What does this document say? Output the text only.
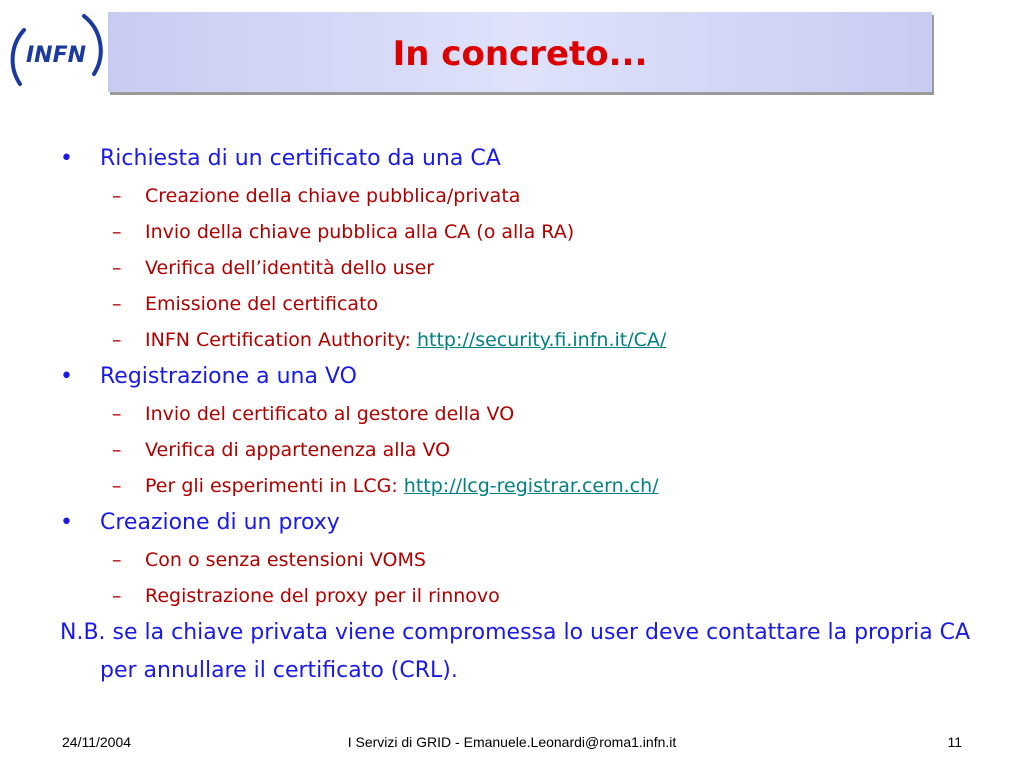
INFN	In concreto...
• Richiesta di un certificato da una CA
– Creazione della chiave pubblica/privata
– Invio della chiave pubblica alla CA (o alla RA)
– Verifica dell’identità dello user
– Emissione del certificato
– INFN Certification Authority: http://security.fi.infn.it/CA/
• Registrazione a una VO
– Invio del certificato al gestore della VO
– Verifica di appartenenza alla VO
– Per gli esperimenti in LCG: http://lcg-registrar.cern.ch/
• Creazione di un proxy
– Con o senza estensioni VOMS
– Registrazione del proxy per il rinnovo
N.B. se la chiave privata viene compromessa lo user deve contattare la propria CA per annullare il certificato (CRL).
24/11/2004	I Servizi di GRID - Emanuele.Leonardi@roma1.infn.it	11
